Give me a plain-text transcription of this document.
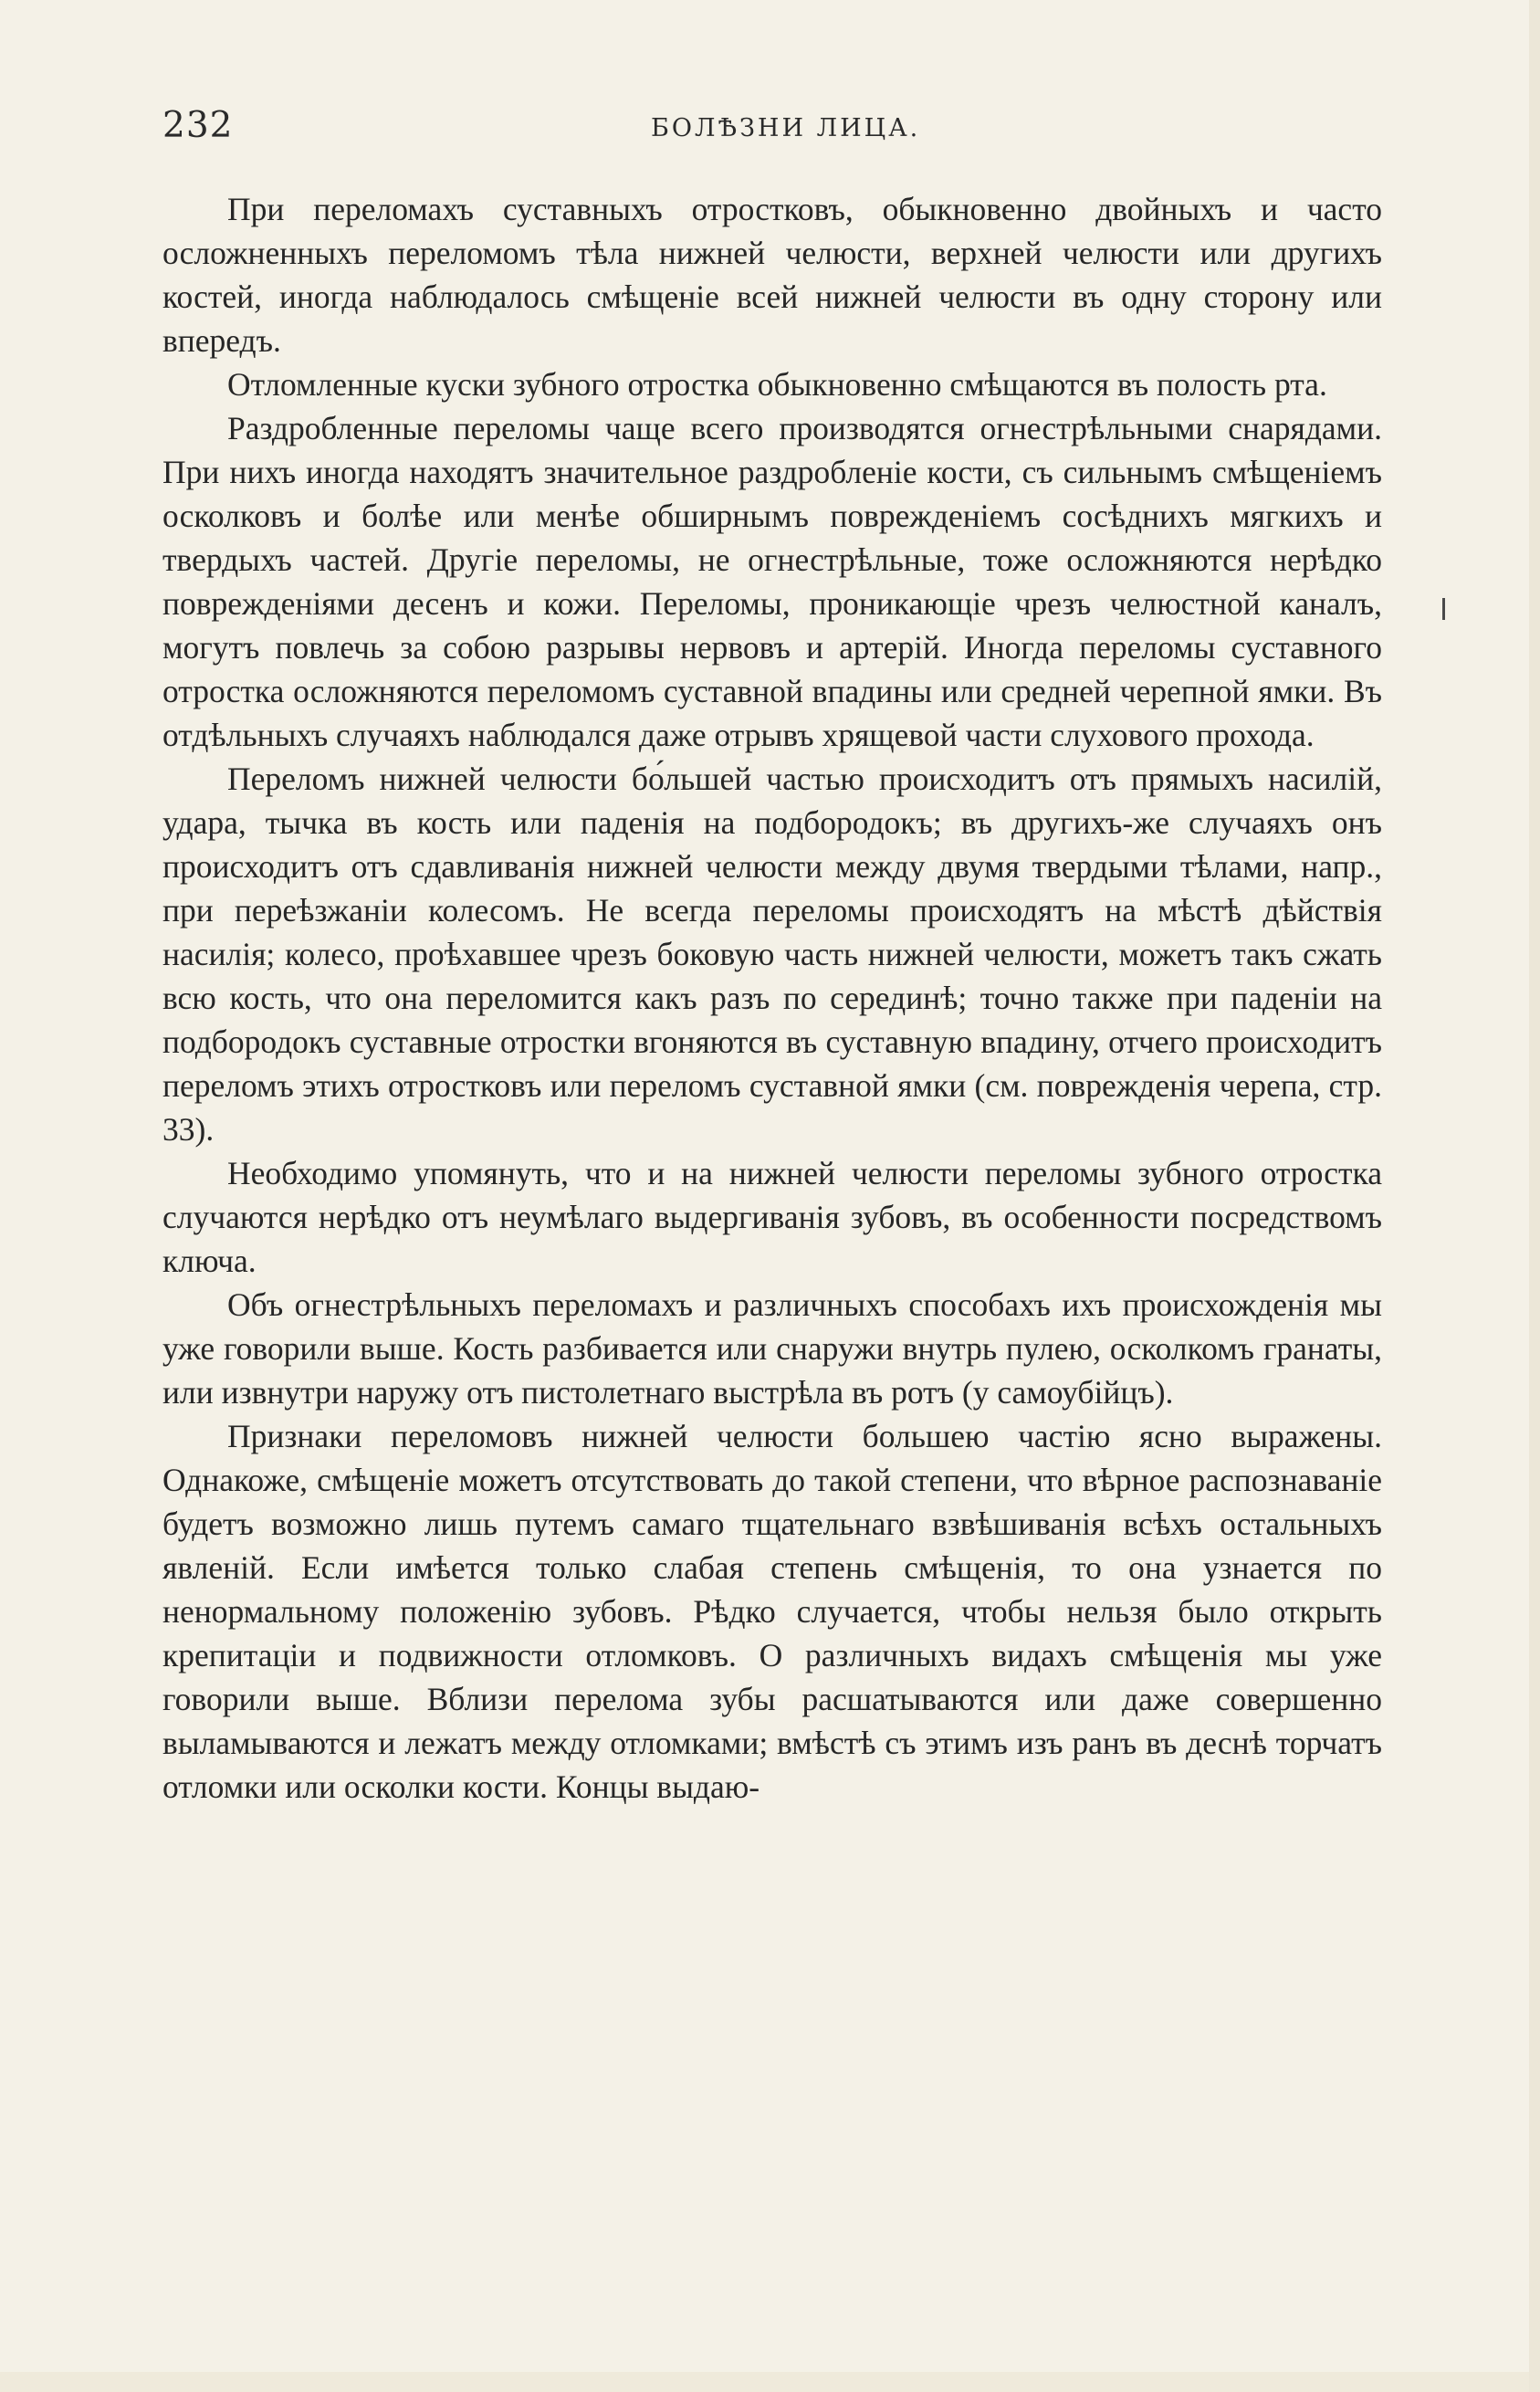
232	БОЛѢЗНИ ЛИЦА.

При переломахъ суставныхъ отростковъ, обыкновенно двойныхъ и часто осложненныхъ переломомъ тѣла нижней челюсти, верхней челюсти или другихъ костей, иногда наблюдалось смѣщеніе всей нижней челюсти въ одну сторону или впередъ.

Отломленные куски зубного отростка обыкновенно смѣщаются въ полость рта.

Раздробленные переломы чаще всего производятся огнестрѣльными снарядами. При нихъ иногда находятъ значительное раздробленіе кости, съ сильнымъ смѣщеніемъ осколковъ и болѣе или менѣе обширнымъ поврежденіемъ сосѣднихъ мягкихъ и твердыхъ частей. Другіе переломы, не огнестрѣльные, тоже осложняются нерѣдко поврежденіями десенъ и кожи. Переломы, проникающіе чрезъ челюстной каналъ, могутъ повлечь за собою разрывы нервовъ и артерій. Иногда переломы суставного отростка осложняются переломомъ суставной впадины или средней черепной ямки. Въ отдѣльныхъ случаяхъ наблюдался даже отрывъ хрящевой части слухового прохода.

Переломъ нижней челюсти бо́льшей частью происходитъ отъ прямыхъ насилій, удара, тычка въ кость или паденія на подбородокъ; въ другихъ-же случаяхъ онъ происходитъ отъ сдавливанія нижней челюсти между двумя твердыми тѣлами, напр., при переѣзжаніи колесомъ. Не всегда переломы происходятъ на мѣстѣ дѣйствія насилія; колесо, проѣхавшее чрезъ боковую часть нижней челюсти, можетъ такъ сжать всю кость, что она переломится какъ разъ по серединѣ; точно также при паденіи на подбородокъ суставные отростки вгоняются въ суставную впадину, отчего происходитъ переломъ этихъ отростковъ или переломъ суставной ямки (см. поврежденія черепа, стр. 33).

Необходимо упомянуть, что и на нижней челюсти переломы зубного отростка случаются нерѣдко отъ неумѣлаго выдергиванія зубовъ, въ особенности посредствомъ ключа.

Объ огнестрѣльныхъ переломахъ и различныхъ способахъ ихъ происхожденія мы уже говорили выше. Кость разбивается или снаружи внутрь пулею, осколкомъ гранаты, или извнутри наружу отъ пистолетнаго выстрѣла въ ротъ (у самоубійцъ).

Признаки переломовъ нижней челюсти большею частію ясно выражены. Однакоже, смѣщеніе можетъ отсутствовать до такой степени, что вѣрное распознаваніе будетъ возможно лишь путемъ самаго тщательнаго взвѣшиванія всѣхъ остальныхъ явленій. Если имѣется только слабая степень смѣщенія, то она узнается по ненормальному положенію зубовъ. Рѣдко случается, чтобы нельзя было открыть крепитаціи и подвижности отломковъ. О различныхъ видахъ смѣщенія мы уже говорили выше. Вблизи перелома зубы расшатываются или даже совершенно выламываются и лежатъ между отломками; вмѣстѣ съ этимъ изъ ранъ въ деснѣ торчатъ отломки или осколки кости. Концы выдаю-
